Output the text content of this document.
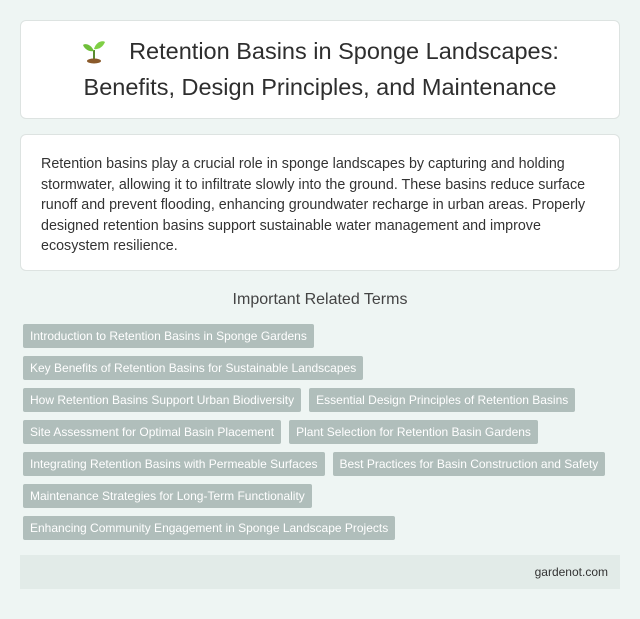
Retention Basins in Sponge Landscapes: Benefits, Design Principles, and Maintenance

Retention basins play a crucial role in sponge landscapes by capturing and holding stormwater, allowing it to infiltrate slowly into the ground. These basins reduce surface runoff and prevent flooding, enhancing groundwater recharge in urban areas. Properly designed retention basins support sustainable water management and improve ecosystem resilience.

Important Related Terms
Introduction to Retention Basins in Sponge Gardens
Key Benefits of Retention Basins for Sustainable Landscapes
How Retention Basins Support Urban Biodiversity	Essential Design Principles of Retention Basins
Site Assessment for Optimal Basin Placement	Plant Selection for Retention Basin Gardens
Integrating Retention Basins with Permeable Surfaces	Best Practices for Basin Construction and Safety
Maintenance Strategies for Long-Term Functionality
Enhancing Community Engagement in Sponge Landscape Projects
gardenot.com
